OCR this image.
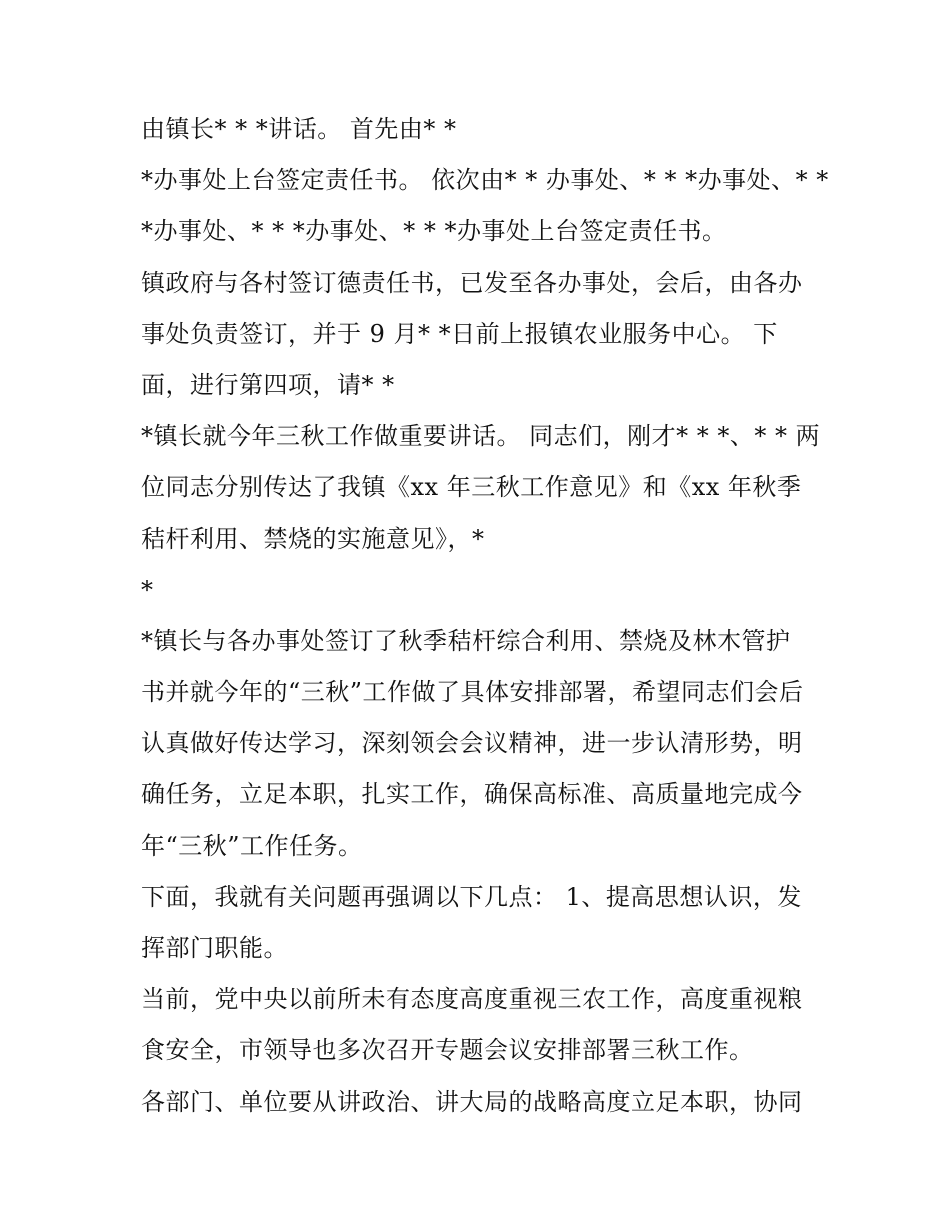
由镇长* * *讲话。 首先由* *
*办事处上台签定责任书。 依次由* * 办事处、* * *办事处、* *
*办事处、* * *办事处、* * *办事处上台签定责任书。
镇政府与各村签订德责任书，已发至各办事处，会后，由各办
事处负责签订，并于 9 月* *日前上报镇农业服务中心。 下
面，进行第四项，请* *
*镇长就今年三秋工作做重要讲话。 同志们，刚才* * *、* * 两
位同志分别传达了我镇《xx 年三秋工作意见》和《xx 年秋季
秸杆利用、禁烧的实施意见》，*
*
*镇长与各办事处签订了秋季秸杆综合利用、禁烧及林木管护
书并就今年的“三秋”工作做了具体安排部署，希望同志们会后
认真做好传达学习，深刻领会会议精神，进一步认清形势，明
确任务，立足本职，扎实工作，确保高标准、高质量地完成今
年“三秋”工作任务。
下面，我就有关问题再强调以下几点： 1、提高思想认识，发
挥部门职能。
当前，党中央以前所未有态度高度重视三农工作，高度重视粮
食安全，市领导也多次召开专题会议安排部署三秋工作。
各部门、单位要从讲政治、讲大局的战略高度立足本职，协同
